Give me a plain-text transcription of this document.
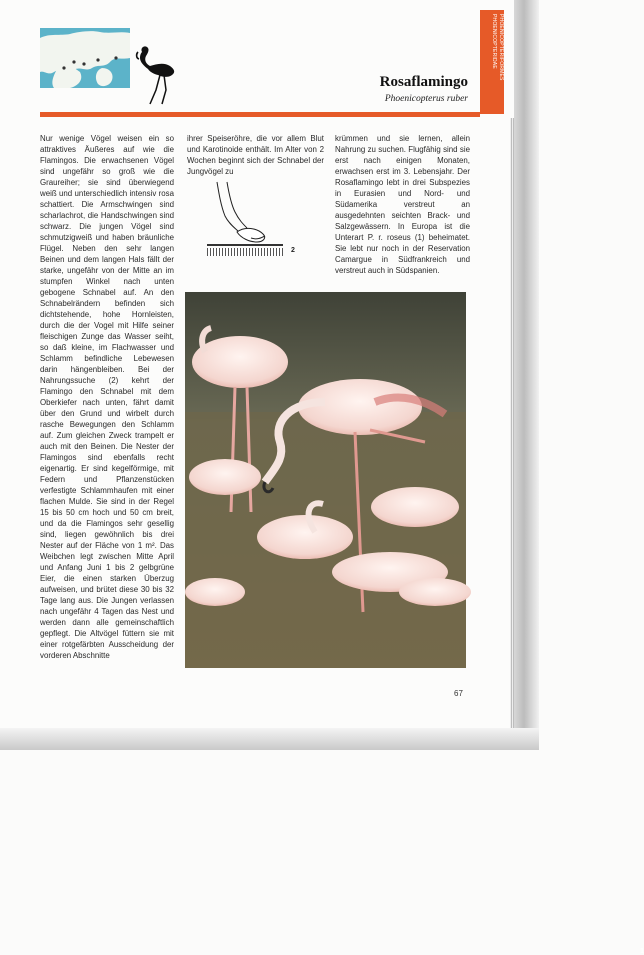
PHOENICOPTERIFORMES PHOENICOPTERIDAE
Rosaflamingo
Phoenicopterus ruber

Nur wenige Vögel weisen ein so attraktives Äußeres auf wie die Flamingos. Die erwachsenen Vögel sind ungefähr so groß wie die Graureiher; sie sind überwiegend weiß und unterschiedlich intensiv rosa schattiert. Die Armschwingen sind scharlachrot, die Handschwingen sind schwarz. Die jungen Vögel sind schmutzigweiß und haben bräunliche Flügel. Neben den sehr langen Beinen und dem langen Hals fällt der starke, ungefähr von der Mitte an im stumpfen Winkel nach unten gebogene Schnabel auf. An den Schnabelrändern befinden sich dichtstehende, hohe Hornleisten, durch die der Vogel mit Hilfe seiner fleischigen Zunge das Wasser seiht, so daß kleine, im Flachwasser und Schlamm befindliche Lebewesen darin hängenbleiben. Bei der Nahrungssuche (2) kehrt der Flamingo den Schnabel mit dem Oberkiefer nach unten, fährt damit über den Grund und wirbelt durch rasche Bewegungen den Schlamm auf. Zum gleichen Zweck trampelt er auch mit den Beinen. Die Nester der Flamingos sind ebenfalls recht eigenartig. Er sind kegelförmige, mit Federn und Pflanzenstücken verfestigte Schlammhaufen mit einer flachen Mulde. Sie sind in der Regel 15 bis 50 cm hoch und 50 cm breit, und da die Flamingos sehr gesellig sind, liegen gewöhnlich bis drei Nester auf der Fläche von 1 m². Das Weibchen legt zwischen Mitte April und Anfang Juni 1 bis 2 gelbgrüne Eier, die einen starken Überzug aufweisen, und brütet diese 30 bis 32 Tage lang aus. Die Jungen verlassen nach ungefähr 4 Tagen das Nest und werden dann alle gemeinschaftlich gepflegt. Die Altvögel füttern sie mit einer rotgefärbten Ausscheidung der vorderen Abschnitte

ihrer Speiseröhre, die vor allem Blut und Karotinoide enthält. Im Alter von 2 Wochen beginnt sich der Schnabel der Jungvögel zu

krümmen und sie lernen, allein Nahrung zu suchen. Flugfähig sind sie erst nach einigen Monaten, erwachsen erst im 3. Lebensjahr. Der Rosaflamingo lebt in drei Subspezies in Eurasien und Nord- und Südamerika verstreut an ausgedehnten seichten Brack- und Salzgewässern. In Europa ist die Unterart P. r. roseus (1) beheimatet. Sie lebt nur noch in der Reservation Camargue in Südfrankreich und verstreut auch in Südspanien.

2
1
67
